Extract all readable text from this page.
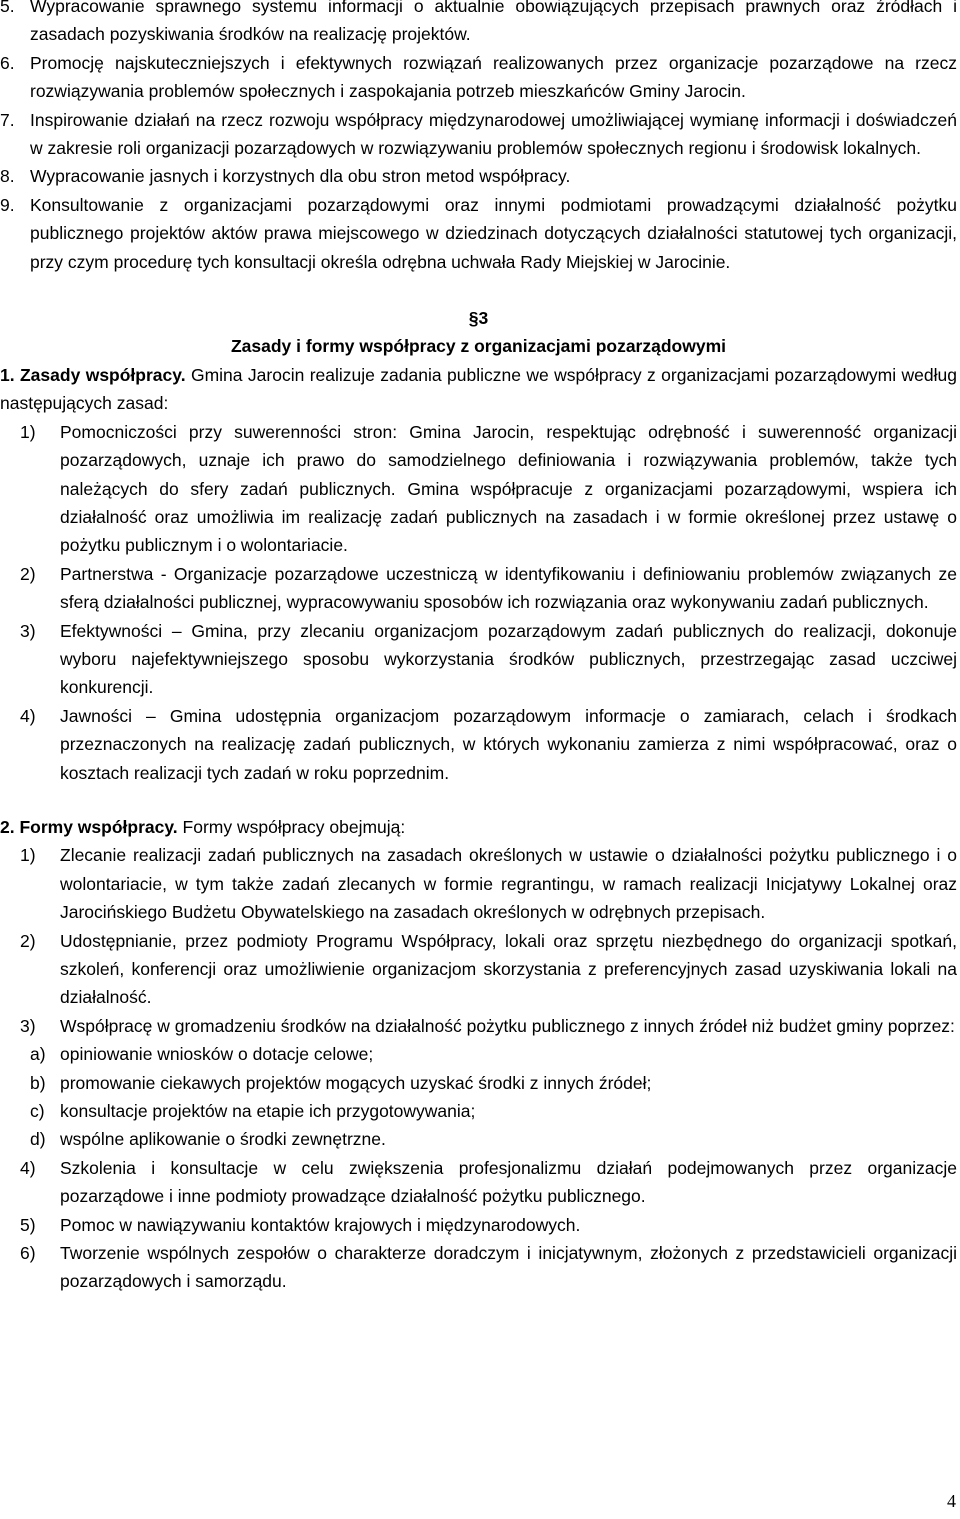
5. Wypracowanie sprawnego systemu informacji o aktualnie obowiązujących przepisach prawnych oraz źródłach i zasadach pozyskiwania środków na realizację projektów.
6. Promocję najskuteczniejszych i efektywnych rozwiązań realizowanych przez organizacje pozarządowe na rzecz rozwiązywania problemów społecznych i zaspokajania potrzeb mieszkańców Gminy Jarocin.
7. Inspirowanie działań na rzecz rozwoju współpracy międzynarodowej umożliwiającej wymianę informacji i doświadczeń w zakresie roli organizacji pozarządowych w rozwiązywaniu problemów społecznych regionu i środowisk lokalnych.
8. Wypracowanie jasnych i korzystnych dla obu stron metod współpracy.
9. Konsultowanie z organizacjami pozarządowymi oraz innymi podmiotami prowadzącymi działalność pożytku publicznego projektów aktów prawa miejscowego w dziedzinach dotyczących działalności statutowej tych organizacji, przy czym procedurę tych konsultacji określa odrębna uchwała Rady Miejskiej w Jarocinie.
§3
Zasady i formy współpracy z organizacjami pozarządowymi
1. Zasady współpracy. Gmina Jarocin realizuje zadania publiczne we współpracy z organizacjami pozarządowymi według następujących zasad:
1) Pomocniczości przy suwerenności stron: Gmina Jarocin, respektując odrębność i suwerenność organizacji pozarządowych, uznaje ich prawo do samodzielnego definiowania i rozwiązywania problemów, także tych należących do sfery zadań publicznych. Gmina współpracuje z organizacjami pozarządowymi, wspiera ich działalność oraz umożliwia im realizację zadań publicznych na zasadach i w formie określonej przez ustawę o pożytku publicznym i o wolontariacie.
2) Partnerstwa - Organizacje pozarządowe uczestniczą w identyfikowaniu i definiowaniu problemów związanych ze sferą działalności publicznej, wypracowywaniu sposobów ich rozwiązania oraz wykonywaniu zadań publicznych.
3) Efektywności – Gmina, przy zlecaniu organizacjom pozarządowym zadań publicznych do realizacji, dokonuje wyboru najefektywniejszego sposobu wykorzystania środków publicznych, przestrzegając zasad uczciwej konkurencji.
4) Jawności – Gmina udostępnia organizacjom pozarządowym informacje o zamiarach, celach i środkach przeznaczonych na realizację zadań publicznych, w których wykonaniu zamierza z nimi współpracować, oraz o kosztach realizacji tych zadań w roku poprzednim.
2. Formy współpracy. Formy współpracy obejmują:
1) Zlecanie realizacji zadań publicznych na zasadach określonych w ustawie o działalności pożytku publicznego i o wolontariacie, w tym także zadań zlecanych w formie regrantingu, w ramach realizacji Inicjatywy Lokalnej oraz Jarocińskiego Budżetu Obywatelskiego na zasadach określonych w odrębnych przepisach.
2) Udostępnianie, przez podmioty Programu Współpracy, lokali oraz sprzętu niezbędnego do organizacji spotkań, szkoleń, konferencji oraz umożliwienie organizacjom skorzystania z preferencyjnych zasad uzyskiwania lokali na działalność.
3) Współpracę w gromadzeniu środków na działalność pożytku publicznego z innych źródeł niż budżet gminy poprzez:
a) opiniowanie wniosków o dotacje celowe;
b) promowanie ciekawych projektów mogących uzyskać środki z innych źródeł;
c) konsultacje projektów na etapie ich przygotowywania;
d) wspólne aplikowanie o środki zewnętrzne.
4) Szkolenia i konsultacje w celu zwiększenia profesjonalizmu działań podejmowanych przez organizacje pozarządowe i inne podmioty prowadzące działalność pożytku publicznego.
5) Pomoc w nawiązywaniu kontaktów krajowych i międzynarodowych.
6) Tworzenie wspólnych zespołów o charakterze doradczym i inicjatywnym, złożonych z przedstawicieli organizacji pozarządowych i samorządu.
4
